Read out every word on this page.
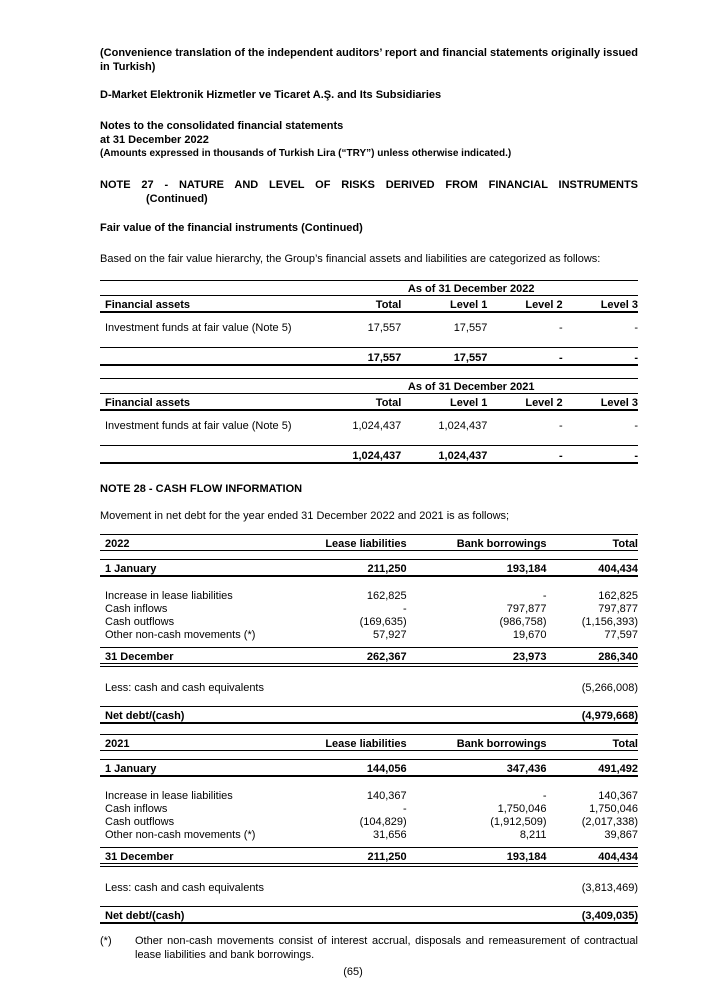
(Convenience translation of the independent auditors’ report and financial statements originally issued in Turkish)

D-Market Elektronik Hizmetler ve Ticaret A.Ş. and Its Subsidiaries

Notes to the consolidated financial statements
at 31 December 2022
(Amounts expressed in thousands of Turkish Lira (“TRY”) unless otherwise indicated.)
NOTE 27 - NATURE AND LEVEL OF RISKS DERIVED FROM FINANCIAL INSTRUMENTS
(Continued)

Fair value of the financial instruments (Continued)

Based on the fair value hierarchy, the Group’s financial assets and liabilities are categorized as follows:

	As of 31 December 2022			
Financial assets	Total	Level 1	Level 2	Level 3

Investment funds at fair value (Note 5)	17,557	17,557	-	-

	17,557	17,557	-	-
	As of 31 December 2021			
Financial assets	Total	Level 1	Level 2	Level 3

Investment funds at fair value (Note 5)	1,024,437	1,024,437	-	-

	1,024,437	1,024,437	-	-

NOTE 28 - CASH FLOW INFORMATION

Movement in net debt for the year ended 31 December 2022 and 2021 is as follows;

2022	Lease liabilities	Bank borrowings	Total

1 January	211,250	193,184	404,434

Increase in lease liabilities	162,825	-	162,825
Cash inflows	-	797,877	797,877
Cash outflows	(169,635)	(986,758)	(1,156,393)
Other non-cash movements (*)	57,927	19,670	77,597

31 December	262,367	23,973	286,340

Less: cash and cash equivalents			(5,266,008)

Net debt/(cash)			(4,979,668)
2021	Lease liabilities	Bank borrowings	Total

1 January	144,056	347,436	491,492

Increase in lease liabilities	140,367	-	140,367
Cash inflows	-	1,750,046	1,750,046
Cash outflows	(104,829)	(1,912,509)	(2,017,338)
Other non-cash movements (*)	31,656	8,211	39,867

31 December	211,250	193,184	404,434

Less: cash and cash equivalents			(3,813,469)

Net debt/(cash)			(3,409,035)
(*)	Other non-cash movements consist of interest accrual, disposals and remeasurement of contractual lease liabilities and bank borrowings.
(65)
